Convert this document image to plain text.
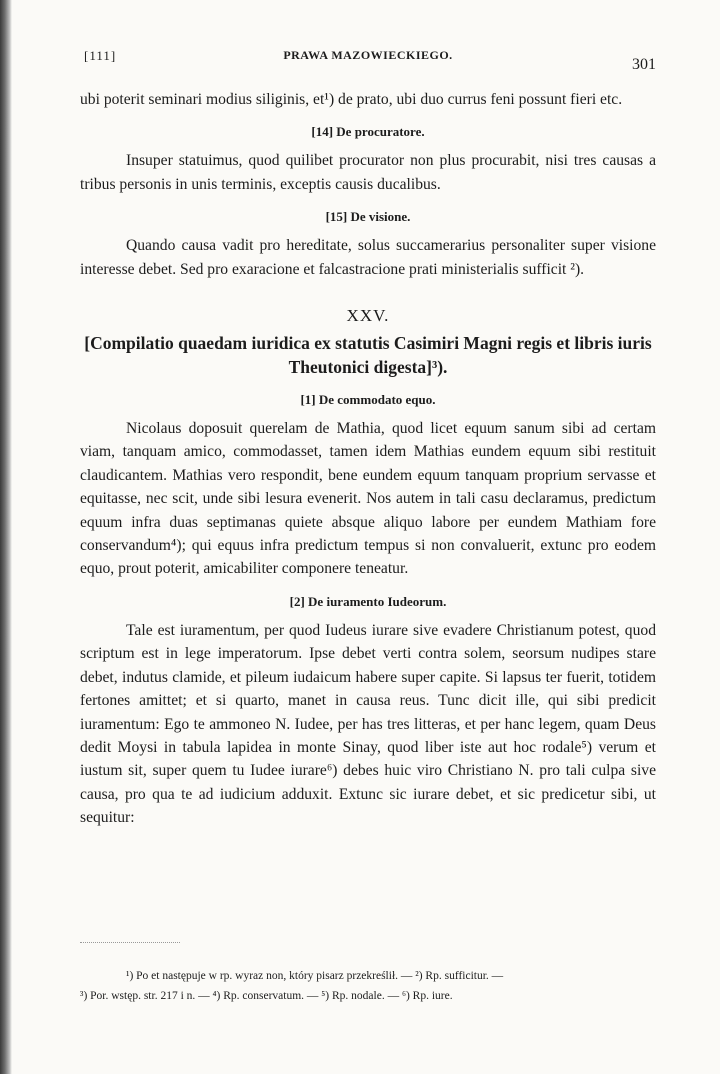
[111]	PRAWA MAZOWIECKIEGO.
301

ubi poterit seminari modius siliginis, et¹) de prato, ubi duo currus feni possunt fieri etc.

[14] De procuratore.

Insuper statuimus, quod quilibet procurator non plus procurabit, nisi tres causas a tribus personis in unis terminis, exceptis causis ducalibus.

[15] De visione.

Quando causa vadit pro hereditate, solus succamerarius personaliter super visione interesse debet. Sed pro exaracione et falcastracione prati ministerialis sufficit ²).

XXV.
[Compilatio quaedam iuridica ex statutis Casimiri Magni regis et libris iuris Theutonici digesta]³).
[1] De commodato equo.

Nicolaus doposuit querelam de Mathia, quod licet equum sanum sibi ad certam viam, tanquam amico, commodasset, tamen idem Mathias eundem equum sibi restituit claudicantem. Mathias vero respondit, bene eundem equum tanquam proprium servasse et equitasse, nec scit, unde sibi lesura evenerit. Nos autem in tali casu declaramus, predictum equum infra duas septimanas quiete absque aliquo labore per eundem Mathiam fore conservandum⁴); qui equus infra predictum tempus si non convaluerit, extunc pro eodem equo, prout poterit, amicabiliter componere teneatur.

[2] De iuramento Iudeorum.

Tale est iuramentum, per quod Iudeus iurare sive evadere Christianum potest, quod scriptum est in lege imperatorum. Ipse debet verti contra solem, seorsum nudipes stare debet, indutus clamide, et pileum iudaicum habere super capite. Si lapsus ter fuerit, totidem fertones amittet; et si quarto, manet in causa reus. Tunc dicit ille, qui sibi predicit iuramentum: Ego te ammoneo N. Iudee, per has tres litteras, et per hanc legem, quam Deus dedit Moysi in tabula lapidea in monte Sinay, quod liber iste aut hoc rodale⁵) verum et iustum sit, super quem tu Iudee iurare⁶) debes huic viro Christiano N. pro tali culpa sive causa, pro qua te ad iudicium adduxit. Extunc sic iurare debet, et sic predicetur sibi, ut sequitur:

¹) Po et następuje w rp. wyraz non, który pisarz przekreślił. — ²) Rp. sufficitur. —

³) Por. wstęp. str. 217 i n. — ⁴) Rp. conservatum. — ⁵) Rp. nodale. — ⁶) Rp. iure.
